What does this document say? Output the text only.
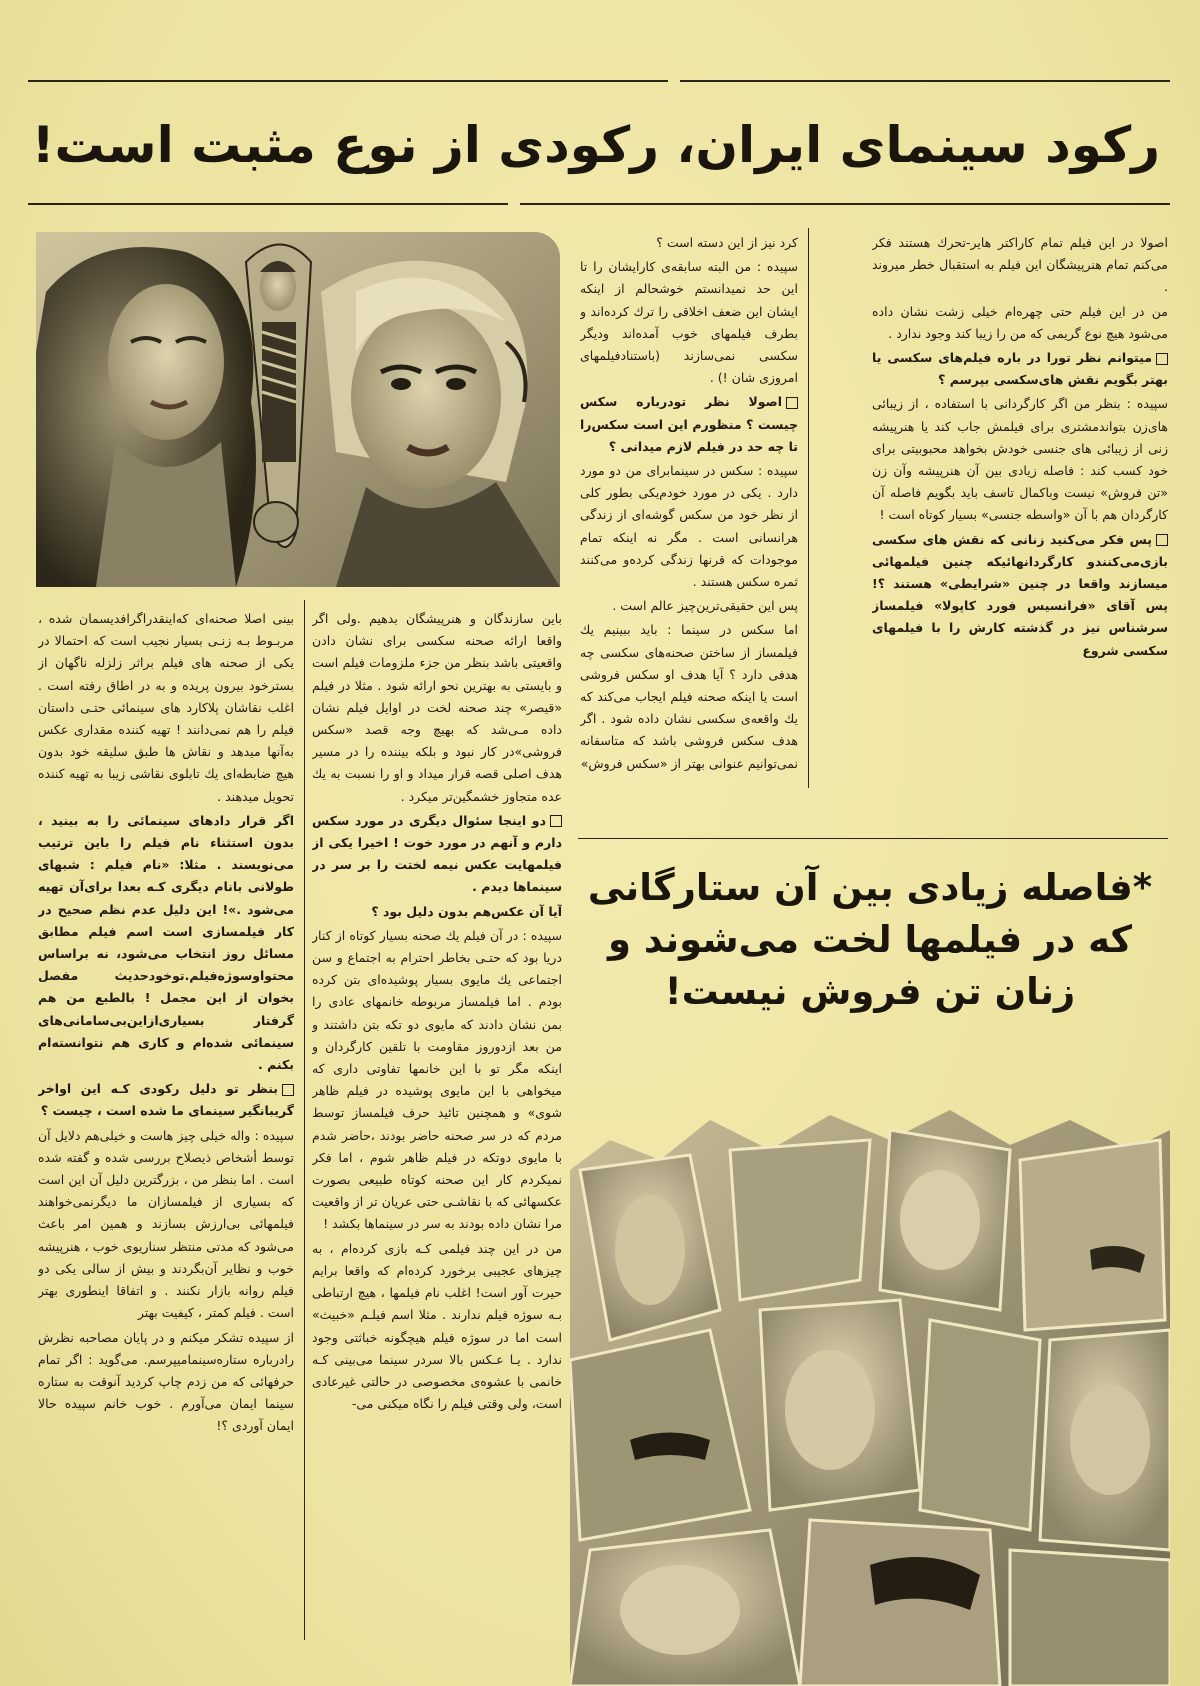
رکود سینمای ایران، رکودی از نوع مثبت است!

اصولا در این فیلم تمام کاراکتر هایر-تحرك هستند فکر می‌کنم تمام هنرپیشگان این فیلم به استقبال خطر میروند .

من در این فیلم حتی چهره‌ام خیلی زشت نشان داده می‌شود هیچ نوع گریمی که من را زیبا کند وجود ندارد .

میتوانم نظر تورا در باره فیلم‌های سکسی یا بهتر بگویم نقش های‌سکسی بپرسم ؟

سپیده : بنظر من اگر کارگردانی با استفاده ، از زیبائی ها‌ی‌زن بتواند‌مشتری برای فیلمش جاب کند یا هنرپیشه زنی از زیبائی های جنسی خودش بخواهد محبوبیتی برای خود کسب کند : فاصله زیادی بین آن هنرپیشه وآن زن «تن فروش» نیست وباکمال تاسف باید بگویم فاصله آن کارگردان هم با آن «واسطه جنسی» بسیار کوتاه است !

پس فکر می‌کنید زنانی که نقش های سکسی بازی‌می‌کنندو کارگردانهائیکه چنین فیلمهائی میسازند واقعا در چنین «شرایطی» هستند ؟! پس آقای «فرانسیس فورد کاپولا» فیلمساز سرشناس نیز در گذشته کارش را با فیلمهای سکسی شروع

کرد نیز از این دسته است ؟

سپیده : من البته سابقه‌ی کارایشان را تا این حد نمیدانستم خوشحالم از اینکه ایشان این ضعف اخلاقی را ترك کرده‌اند و بطرف فیلمهای خوب آمده‌اند ودیگر سکسی نمی‌سازند (باستناد‌فیلمهای امروزی شان !) .

اصولا نظر تودرباره سکس چیست ؟ منظورم این است سکس‌را تا چه حد در فیلم لازم میدانی ؟

سپیده : سکس در سینمابرای من دو مورد دارد . یکی در مورد خودم‌یکی بطور کلی از نظر خود من سکس گوشه‌ای از زندگی هرانسانی است . مگر نه اینکه تمام موجودات که قرنها زندگی کرده‌و می‌کنند ثمره سکس هستند .

پس این حقیقی‌ترین‌چیز عالم است .

اما سکس در سینما : باید ببینیم یك فیلمساز از ساختن صحنه‌های سکسی چه هدفی دارد ؟ آیا هدف او سکس فروشی است یا اینکه صحنه فیلم ایجاب می‌کند که یك واقعه‌ی سکسی نشان داده شود . اگر هدف سکس فروشی باشد که متاسفانه نمی‌توانیم عنوانی بهتر از «سکس فروش»

باین سازندگان و هنرپیشگان بدهیم .ولی اگر واقعا ارائه صحنه سکسی برای نشان دادن واقعیتی باشد بنظر من جزء ملزومات فیلم است و بایستی به بهترین نحو ارائه شود . مثلا در فیلم «قیصر» چند صحنه لخت در اوایل فیلم نشان داده مـی‌شد که بهیچ وجه قصد «سکس فروشی»در کار نبود و بلکه بیننده را در مسیر هدف اصلی قصه قرار میداد و او را نسبت به یك عده متجاوز خشمگین‌تر میکرد .

دو اینجا سئوال دیگری در مورد سکس دارم و آنهم در مورد خوت ! اخیرا یکی از فیلمهایت عکس نیمه لختت را بر سر در سینماها دیدم .

آیا آن عکس‌هم بدون دلیل بود ؟

سپیده : در آن فیلم یك صحنه بسیار کوتاه از کنار دریا بود که حتـی بخاطر احترام به اجتماع و سن اجتماعی یك مایوی بسیار پوشیده‌ای بتن کرده بودم . اما فیلمساز مربوطه خانمهای عادی را بمن نشان دادند که مایوی دو تکه بتن داشتند و من بعد ازدوروز مقاومت با تلقین کارگردان و اینکه مگر تو با این خانمها تفاوتی داری که میخواهی با این مایوی پوشیده در فیلم ظاهر شوی» و همچنین تائید حرف فیلمساز توسط مردم که در سر صحنه حاضر بودند ،حاضر شدم با مایوی دوتکه در فیلم ظاهر شوم ، اما فکر نمیکردم کار این صحنه کوتاه طبیعی بصورت عکسهائی که با نقاشـی حتی عریان تر از واقعیت مرا نشان داده بودند به سر در سینماها بکشد !

من در این چند فیلمی کـه بازی کرده‌ام ، به چیزهای عجیبی برخورد کرده‌ام که واقعا برایم حیرت آور است! اغلب نام فیلمها ، هیچ ارتباطی بـه سوژه فیلم ندارند . مثلا اسم فیلـم «خبیث» است اما در سوژه فیلم هیچگونه خباثتی وجود ندارد . یـا عـکس بالا سردر سینما می‌بینی کـه خانمی با عشوه‌ی مخصوصی در حالتی غیرعادی است، ولی وقتی فیلم را نگاه میکنی می-

بینی اصلا صحنه‌ای که‌اینقدر‌اگرافدیسمان شده ، مربـوط بـه زنـی بسیار نجیب است که احتمالا در یکی از صحنه های فیلم براثر زلزله ناگهان از بسترخود بیرون پریده و به در اطاق رفته است . اغلب نقاشان پلاکارد های سینمائی حتـی داستان فیلم را هم نمی‌دانند ! تهیه کننده مقداری عکس به‌آنها میدهد و نقاش ها طبق سلیقه خود بدون هیچ ضابطه‌ای یك تابلوی نقاشی زیبا به تهیه کننده تحویل میدهند .

اگر قرار دادهای سینمائی را به بینید ، بدون استثناء نام فیلم را باین ترتیب می‌نویسند . مثلا: «نام فیلم : شبهای طولانی بانام دیگری کـه بعدا برای‌آن تهیه می‌شود .»! این دلیل عدم نظم صحیح در کار فیلمسازی است اسم فیلم مطابق مسائل روز انتخاب می‌شود، نه براساس محتواوسوژه‌فیلم.توخودحدیث مفصل بخوان از این مجمل ! بالطبع من هم گرفتار بسیاری‌ازاین‌بی‌سامانی‌های سینمائی شده‌ام و کاری هم نتوانسته‌ام بکنم .

بنظر تو دلیل رکودی کـه این اواخر گریبانگیر سینمای ما شده است ، چیست ؟

سپیده : واله خیلی چیز هاست و خیلی‌هم دلایل آن توسط أشخاص ذیصلاح بررسی شده و گفته شده است . اما بنظر من ، بزرگترین دلیل آن این است که بسیاری از فیلمسازان ما دیگرنمی‌خواهند فیلمهائی بی‌ارزش بسازند و همین امر باعث می‌شود که مدتی منتظر سناریوی خوب ، هنرپیشه خوب و نظایر آن‌بگردند و بیش از سالی یکی دو فیلم روانه بازار نکنند . و اتفاقا اینطوری بهتر است . فیلم کمتر ، کیفیت بهتر

از سپیده تشکر میکنم و در پایان مصاحبه نظرش رادرباره ستاره‌سینمامیپرسم. می‌گوید : اگر تمام حرفهائی که من زدم چاپ کردید آنوقت به ستاره سینما ایمان می‌آورم . خوب خانم سپیده حالا ایمان آوردی ؟!

*فاصله زیادی بین آن ستارگانی
که در فیلمها لخت می‌شوند و
زنان تن فروش نیست!
